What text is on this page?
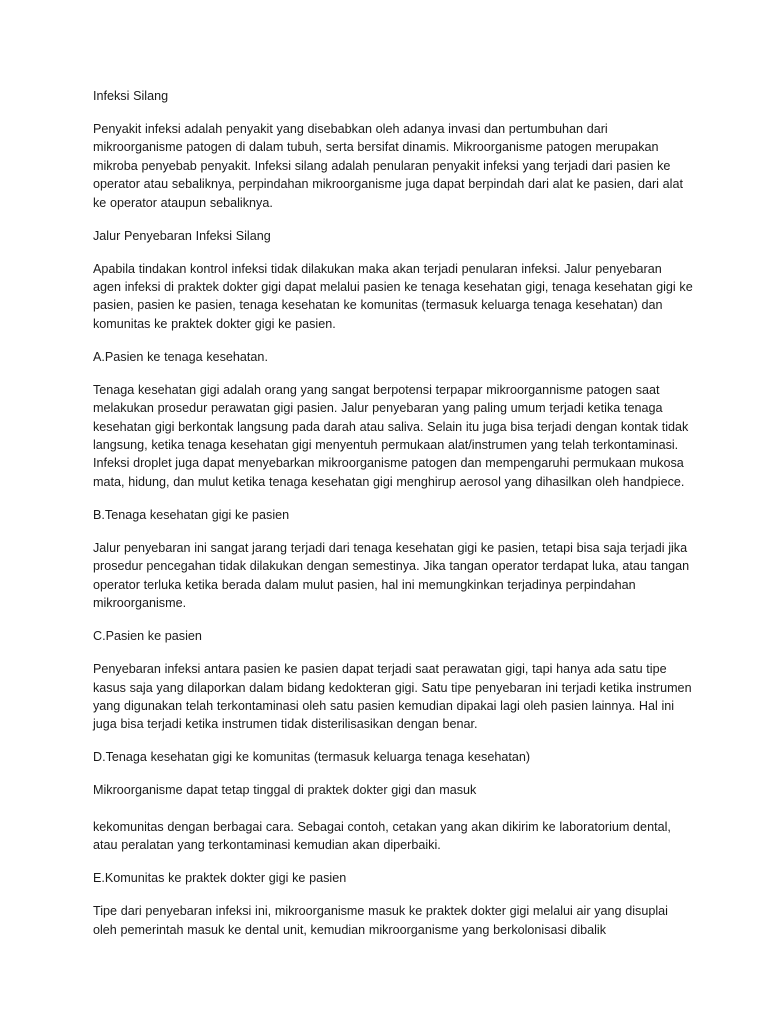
Infeksi Silang

Penyakit infeksi adalah penyakit yang disebabkan oleh adanya invasi dan pertumbuhan dari mikroorganisme patogen di dalam tubuh, serta bersifat dinamis. Mikroorganisme patogen merupakan mikroba penyebab penyakit. Infeksi silang adalah penularan penyakit infeksi yang terjadi dari pasien ke operator atau sebaliknya, perpindahan mikroorganisme juga dapat berpindah dari alat ke pasien, dari alat ke operator ataupun sebaliknya.

Jalur Penyebaran Infeksi Silang

Apabila tindakan kontrol infeksi tidak dilakukan maka akan terjadi penularan infeksi. Jalur penyebaran agen infeksi di praktek dokter gigi dapat melalui pasien ke tenaga kesehatan gigi, tenaga kesehatan gigi ke pasien, pasien ke pasien, tenaga kesehatan ke komunitas (termasuk keluarga tenaga kesehatan) dan komunitas ke praktek dokter gigi ke pasien.

A.Pasien ke tenaga kesehatan.

Tenaga kesehatan gigi adalah orang yang sangat berpotensi terpapar mikroorgannisme patogen saat melakukan prosedur perawatan gigi pasien. Jalur penyebaran yang paling umum terjadi ketika tenaga kesehatan gigi berkontak langsung pada darah atau saliva. Selain itu juga bisa terjadi dengan kontak tidak langsung, ketika tenaga kesehatan gigi menyentuh permukaan alat/instrumen yang telah terkontaminasi. Infeksi droplet juga dapat menyebarkan mikroorganisme patogen dan mempengaruhi permukaan mukosa mata, hidung, dan mulut ketika tenaga kesehatan gigi menghirup aerosol yang dihasilkan oleh handpiece.

B.Tenaga kesehatan gigi ke pasien

Jalur penyebaran ini sangat jarang terjadi dari tenaga kesehatan gigi ke pasien, tetapi bisa saja terjadi jika prosedur pencegahan tidak dilakukan dengan semestinya. Jika tangan operator terdapat luka, atau tangan operator terluka ketika berada dalam mulut pasien, hal ini memungkinkan terjadinya perpindahan mikroorganisme.

C.Pasien ke pasien

Penyebaran infeksi antara pasien ke pasien dapat terjadi saat perawatan gigi, tapi hanya ada satu tipe kasus saja yang dilaporkan dalam bidang kedokteran gigi. Satu tipe penyebaran ini terjadi ketika instrumen yang digunakan telah terkontaminasi oleh satu pasien kemudian dipakai lagi oleh pasien lainnya. Hal ini juga bisa terjadi ketika instrumen tidak disterilisasikan dengan benar.

D.Tenaga kesehatan gigi ke komunitas (termasuk keluarga tenaga kesehatan)

Mikroorganisme dapat tetap tinggal di praktek dokter gigi dan masuk

kekomunitas dengan berbagai cara. Sebagai contoh, cetakan yang akan dikirim ke laboratorium dental, atau peralatan yang terkontaminasi kemudian akan diperbaiki.

E.Komunitas ke praktek dokter gigi ke pasien

Tipe dari penyebaran infeksi ini, mikroorganisme masuk ke praktek dokter gigi melalui air yang disuplai oleh pemerintah masuk ke dental unit, kemudian mikroorganisme yang berkolonisasi dibalik
